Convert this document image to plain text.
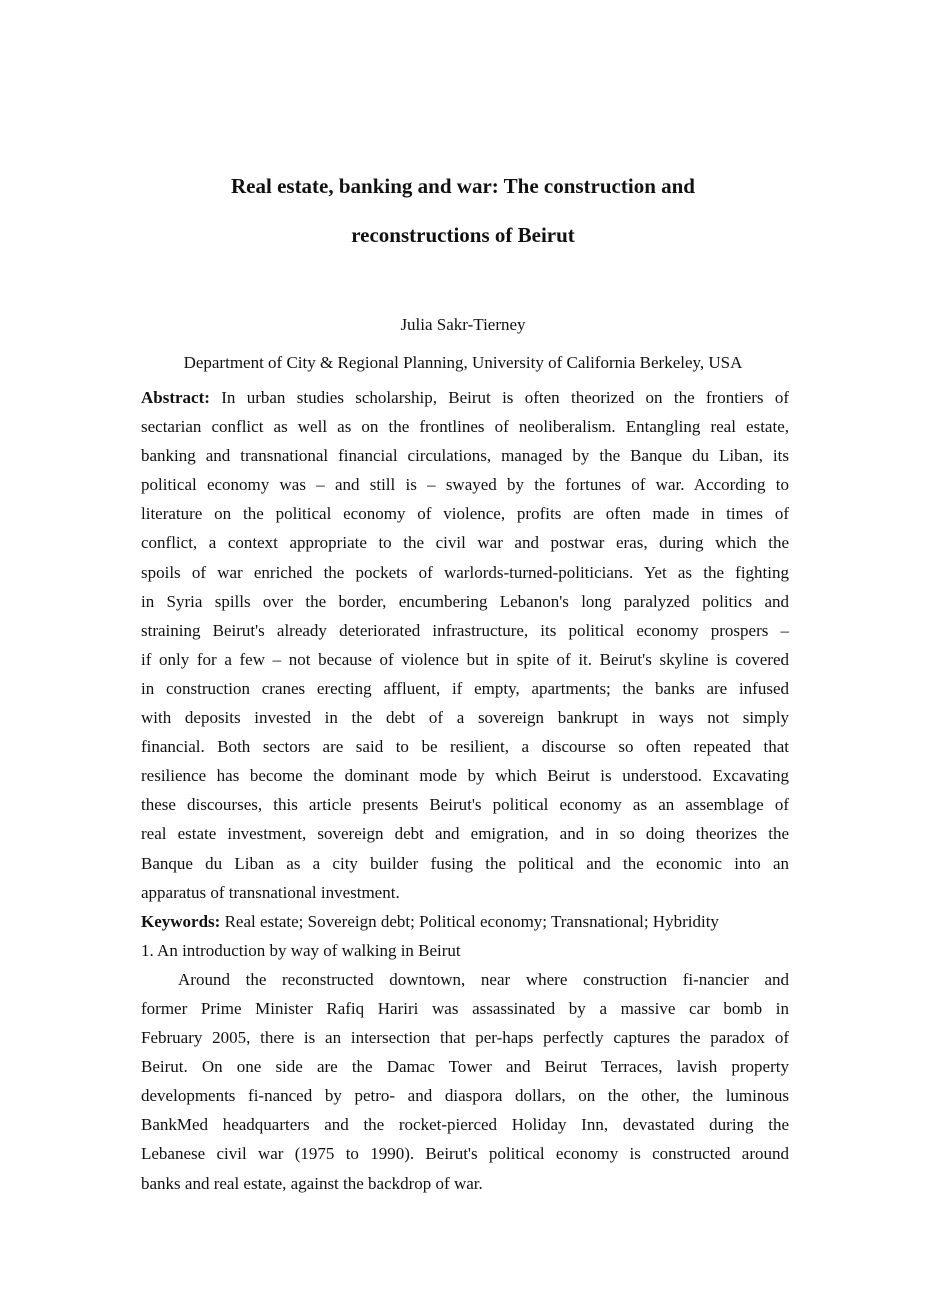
Real estate, banking and war: The construction and
reconstructions of Beirut
Julia Sakr-Tierney
Department of City & Regional Planning, University of California Berkeley, USA
Abstract: In urban studies scholarship, Beirut is often theorized on the frontiers of
sectarian conflict as well as on the frontlines of neoliberalism. Entangling real estate,
banking and transnational financial circulations, managed by the Banque du Liban, its
political economy was – and still is – swayed by the fortunes of war. According to
literature on the political economy of violence, profits are often made in times of
conflict, a context appropriate to the civil war and postwar eras, during which the
spoils of war enriched the pockets of warlords-turned-politicians. Yet as the fighting
in Syria spills over the border, encumbering Lebanon's long paralyzed politics and
straining Beirut's already deteriorated infrastructure, its political economy prospers –
if only for a few – not because of violence but in spite of it. Beirut's skyline is covered
in construction cranes erecting affluent, if empty, apartments; the banks are infused
with deposits invested in the debt of a sovereign bankrupt in ways not simply
financial. Both sectors are said to be resilient, a discourse so often repeated that
resilience has become the dominant mode by which Beirut is understood. Excavating
these discourses, this article presents Beirut's political economy as an assemblage of
real estate investment, sovereign debt and emigration, and in so doing theorizes the
Banque du Liban as a city builder fusing the political and the economic into an
apparatus of transnational investment.
Keywords: Real estate; Sovereign debt; Political economy; Transnational; Hybridity
1. An introduction by way of walking in Beirut
Around the reconstructed downtown, near where construction fi-nancier and
former Prime Minister Rafiq Hariri was assassinated by a massive car bomb in
February 2005, there is an intersection that per-haps perfectly captures the paradox of
Beirut. On one side are the Damac Tower and Beirut Terraces, lavish property
developments fi-nanced by petro- and diaspora dollars, on the other, the luminous
BankMed headquarters and the rocket-pierced Holiday Inn, devastated during the
Lebanese civil war (1975 to 1990). Beirut's political economy is constructed around
banks and real estate, against the backdrop of war.
